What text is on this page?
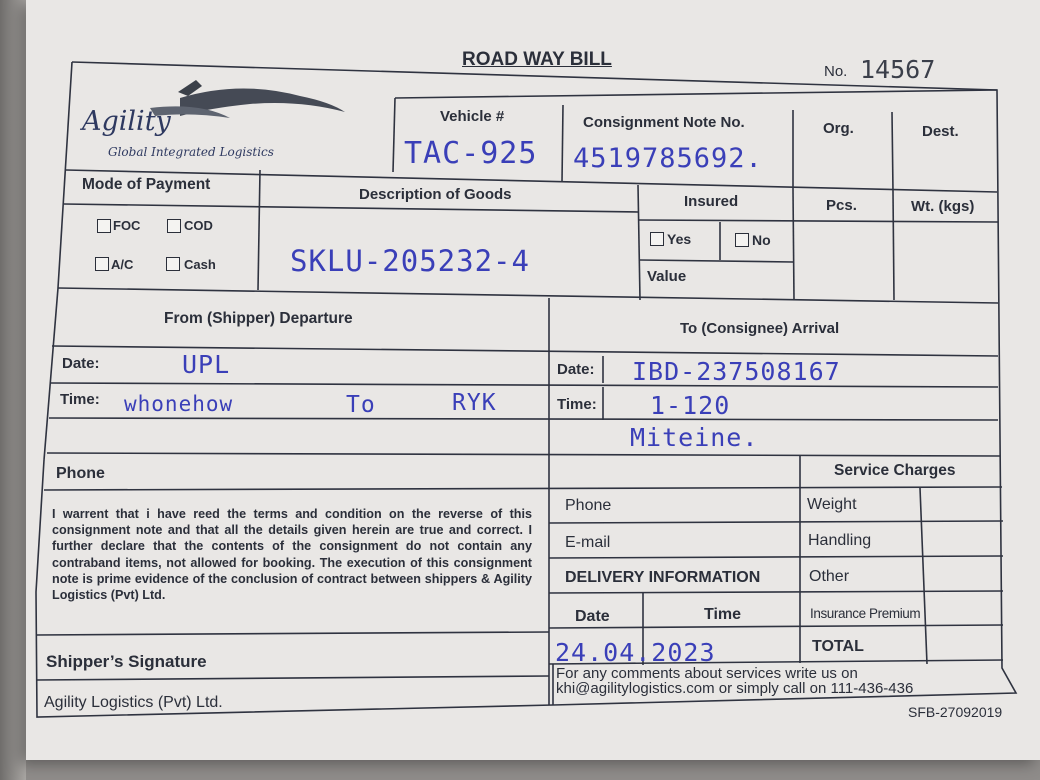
ROAD WAY BILL
No. 14567
Agility
Global Integrated Logistics
Vehicle #	Consignment Note No.	Org.	Dest.
TAC-925 4519785692.
Mode of Payment
Description of Goods	Insured	Pcs.	Wt. (kgs)
FOC	COD
A/C	Cash	SKLU-205232-4
Yes	No
Value
From (Shipper) Departure
To (Consignee) Arrival
Date:	UPL	Date: IBD-237508167
Time: whonehow	To	RYK	Time: 1-120
Miteine.
Phone	Service Charges
I warrent that i have reed the terms and condition on the reverse of this consignment note and that all the details given herein are true and correct. I further declare that the contents of the consignment do not contain any contraband items, not allowed for booking. The execution of this consignment note is prime evidence of the conclusion of contract between shippers & Agility Logistics (Pvt) Ltd.
Phone
E-mail
DELIVERY INFORMATION
Date	Time
24.04.2023
Weight
Handling
Other
Insurance Premium
TOTAL
Shipper’s Signature
Agility Logistics (Pvt) Ltd.
For any comments about services write us on
khi@agilitylogistics.com or simply call on 111-436-436
SFB-27092019
